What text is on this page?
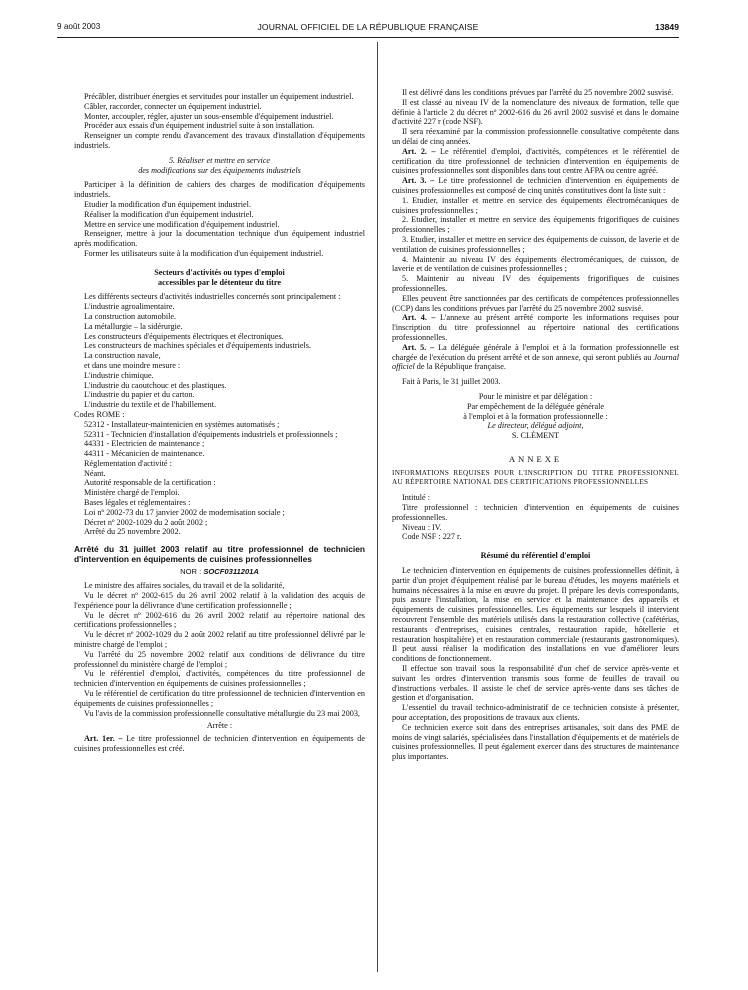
9 août 2003	JOURNAL OFFICIEL DE LA RÉPUBLIQUE FRANÇAISE	13849

Précâbler, distribuer énergies et servitudes pour installer un équipement industriel.

Câbler, raccorder, connecter un équipement industriel.

Monter, accoupler, régler, ajuster un sous-ensemble d'équipement industriel.

Procéder aux essais d'un équipement industriel suite à son installation.

Renseigner un compte rendu d'avancement des travaux d'installation d'équipements industriels.

5. Réaliser et mettre en service

des modifications sur des équipements industriels

Participer à la définition de cahiers des charges de modification d'équipements industriels.

Etudier la modification d'un équipement industriel.

Réaliser la modification d'un équipement industriel.

Mettre en service une modification d'équipement industriel.

Renseigner, mettre à jour la documentation technique d'un équipement industriel après modification.

Former les utilisateurs suite à la modification d'un équipement industriel.

Secteurs d'activités ou types d'emploi

accessibles par le détenteur du titre

Les différents secteurs d'activités industrielles concernés sont principalement :

L'industrie agroalimentaire.

La construction automobile.

La métallurgie – la sidérurgie.

Les constructeurs d'équipements électriques et électroniques.

Les constructeurs de machines spéciales et d'équipements industriels.

La construction navale,

et dans une moindre mesure :

L'industrie chimique.

L'industrie du caoutchouc et des plastiques.

L'industrie du papier et du carton.

L'industrie du textile et de l'habillement.

Codes ROME :

52312 - Installateur-maintenicien en systèmes automatisés ;

52311 - Technicien d'installation d'équipements industriels et professionnels ;

44331 - Electricien de maintenance ;

44311 - Mécanicien de maintenance.

Réglementation d'activité :

Néant.

Autorité responsable de la certification :

Ministère chargé de l'emploi.

Bases légales et réglementaires :

Loi nº 2002-73 du 17 janvier 2002 de modernisation sociale ;

Décret nº 2002-1029 du 2 août 2002 ;

Arrêté du 25 novembre 2002.

Arrêté du 31 juillet 2003 relatif au titre professionnel de technicien d'intervention en équipements de cuisines professionnelles

NOR : SOCF0311201A

Le ministre des affaires sociales, du travail et de la solidarité,

Vu le décret nº 2002-615 du 26 avril 2002 relatif à la validation des acquis de l'expérience pour la délivrance d'une certification professionnelle ;

Vu le décret nº 2002-616 du 26 avril 2002 relatif au répertoire national des certifications professionnelles ;

Vu le décret nº 2002-1029 du 2 août 2002 relatif au titre professionnel délivré par le ministre chargé de l'emploi ;

Vu l'arrêté du 25 novembre 2002 relatif aux conditions de délivrance du titre professionnel du ministère chargé de l'emploi ;

Vu le référentiel d'emploi, d'activités, compétences du titre professionnel de technicien d'intervention en équipements de cuisines professionnelles ;

Vu le référentiel de certification du titre professionnel de technicien d'intervention en équipements de cuisines professionnelles ;

Vu l'avis de la commission professionnelle consultative métallurgie du 23 mai 2003,

Arrête :

Art. 1er. – Le titre professionnel de technicien d'intervention en équipements de cuisines professionnelles est créé.

Il est délivré dans les conditions prévues par l'arrêté du 25 novembre 2002 susvisé.

Il est classé au niveau IV de la nomenclature des niveaux de formation, telle que définie à l'article 2 du décret nº 2002-616 du 26 avril 2002 susvisé et dans le domaine d'activité 227 r (code NSF).

Il sera réexaminé par la commission professionnelle consultative compétente dans un délai de cinq années.

Art. 2. – Le référentiel d'emploi, d'activités, compétences et le référentiel de certification du titre professionnel de technicien d'intervention en équipements de cuisines professionnelles sont disponibles dans tout centre AFPA ou centre agréé.

Art. 3. – Le titre professionnel de technicien d'intervention en équipements de cuisines professionnelles est composé de cinq unités constitutives dont la liste suit :

1. Etudier, installer et mettre en service des équipements électromécaniques de cuisines professionnelles ;

2. Etudier, installer et mettre en service des équipements frigorifiques de cuisines professionnelles ;

3. Etudier, installer et mettre en service des équipements de cuisson, de laverie et de ventilation de cuisines professionnelles ;

4. Maintenir au niveau IV des équipements électromécaniques, de cuisson, de laverie et de ventilation de cuisines professionnelles ;

5. Maintenir au niveau IV des équipements frigorifiques de cuisines professionnelles.

Elles peuvent être sanctionnées par des certificats de compétences professionnelles (CCP) dans les conditions prévues par l'arrêté du 25 novembre 2002 susvisé.

Art. 4. – L'annexe au présent arrêté comporte les informations requises pour l'inscription du titre professionnel au répertoire national des certifications professionnelles.

Art. 5. – La déléguée générale à l'emploi et à la formation professionnelle est chargée de l'exécution du présent arrêté et de son annexe, qui seront publiés au Journal officiel de la République française.

Fait à Paris, le 31 juillet 2003.

Pour le ministre et par délégation :

Par empêchement de la déléguée générale

à l'emploi et à la formation professionnelle :

Le directeur, délégué adjoint,

S. CLÉMENT

ANNEXE

INFORMATIONS REQUISES POUR L'INSCRIPTION DU TITRE PROFESSIONNEL AU RÉPERTOIRE NATIONAL DES CERTIFICATIONS PROFESSIONNELLES

Intitulé :

Titre professionnel : technicien d'intervention en équipements de cuisines professionnelles.

Niveau : IV.

Code NSF : 227 r.

Résumé du référentiel d'emploi

Le technicien d'intervention en équipements de cuisines professionnelles définit, à partir d'un projet d'équipement réalisé par le bureau d'études, les moyens matériels et humains nécessaires à la mise en œuvre du projet. Il prépare les devis correspondants, puis assure l'installation, la mise en service et la maintenance des appareils et équipements de cuisines professionnelles. Les équipements sur lesquels il intervient recouvrent l'ensemble des matériels utilisés dans la restauration collective (cafétérias, restaurants d'entreprises, cuisines centrales, restauration rapide, hôtellerie et restauration hospitalière) et en restauration commerciale (restaurants gastronomiques). Il peut aussi réaliser la modification des installations en vue d'améliorer leurs conditions de fonctionnement.

Il effectue son travail sous la responsabilité d'un chef de service après-vente et suivant les ordres d'intervention transmis sous forme de feuilles de travail ou d'instructions verbales. Il assiste le chef de service après-vente dans ses tâches de gestion et d'organisation.

L'essentiel du travail technico-administratif de ce technicien consiste à présenter, pour acceptation, des propositions de travaux aux clients.

Ce technicien exerce soit dans des entreprises artisanales, soit dans des PME de moins de vingt salariés, spécialisées dans l'installation d'équipements et de matériels de cuisines professionnelles. Il peut également exercer dans des structures de maintenance plus importantes.
